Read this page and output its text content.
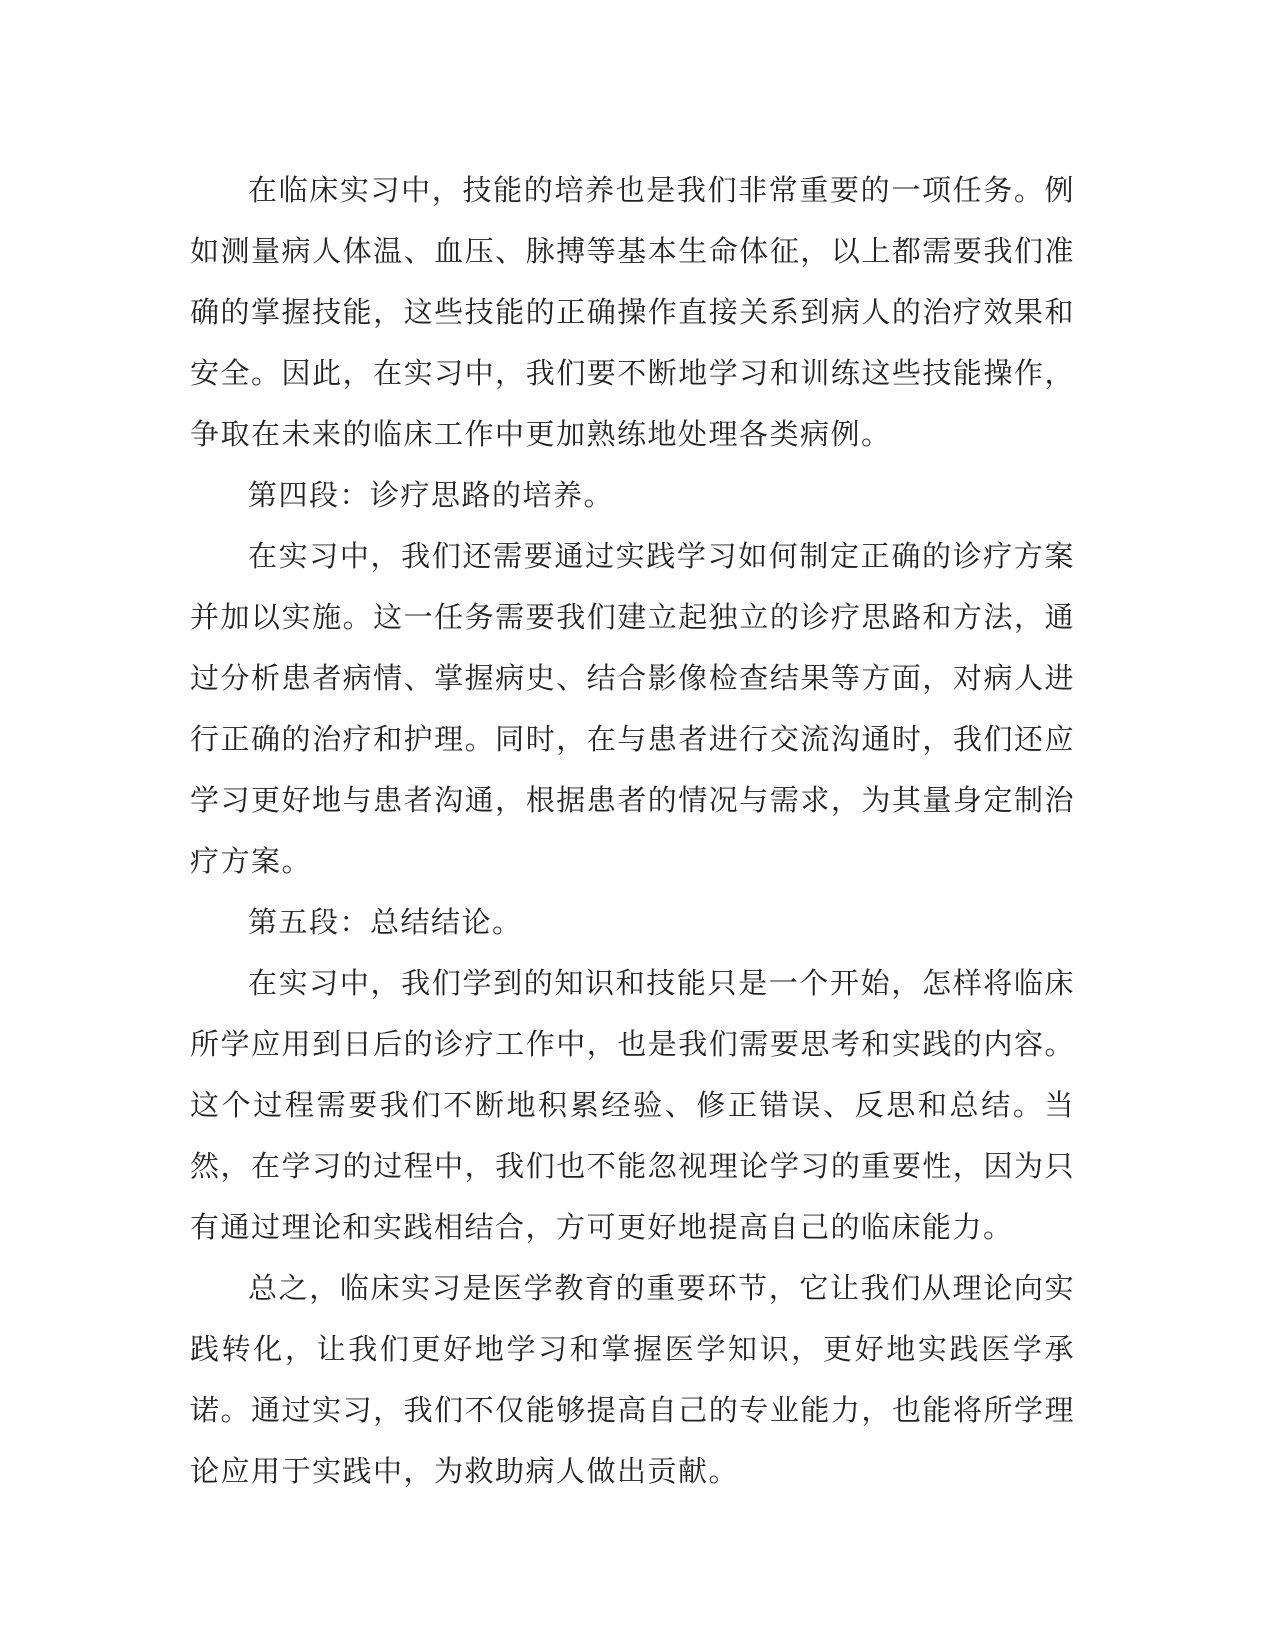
在临床实习中，技能的培养也是我们非常重要的一项任务。例如测量病人体温、血压、脉搏等基本生命体征，以上都需要我们准确的掌握技能，这些技能的正确操作直接关系到病人的治疗效果和安全。因此，在实习中，我们要不断地学习和训练这些技能操作，争取在未来的临床工作中更加熟练地处理各类病例。

第四段：诊疗思路的培养。

在实习中，我们还需要通过实践学习如何制定正确的诊疗方案并加以实施。这一任务需要我们建立起独立的诊疗思路和方法，通过分析患者病情、掌握病史、结合影像检查结果等方面，对病人进行正确的治疗和护理。同时，在与患者进行交流沟通时，我们还应学习更好地与患者沟通，根据患者的情况与需求，为其量身定制治疗方案。

第五段：总结结论。

在实习中，我们学到的知识和技能只是一个开始，怎样将临床所学应用到日后的诊疗工作中，也是我们需要思考和实践的内容。这个过程需要我们不断地积累经验、修正错误、反思和总结。当然，在学习的过程中，我们也不能忽视理论学习的重要性，因为只有通过理论和实践相结合，方可更好地提高自己的临床能力。

总之，临床实习是医学教育的重要环节，它让我们从理论向实践转化，让我们更好地学习和掌握医学知识，更好地实践医学承诺。通过实习，我们不仅能够提高自己的专业能力，也能将所学理论应用于实践中，为救助病人做出贡献。
